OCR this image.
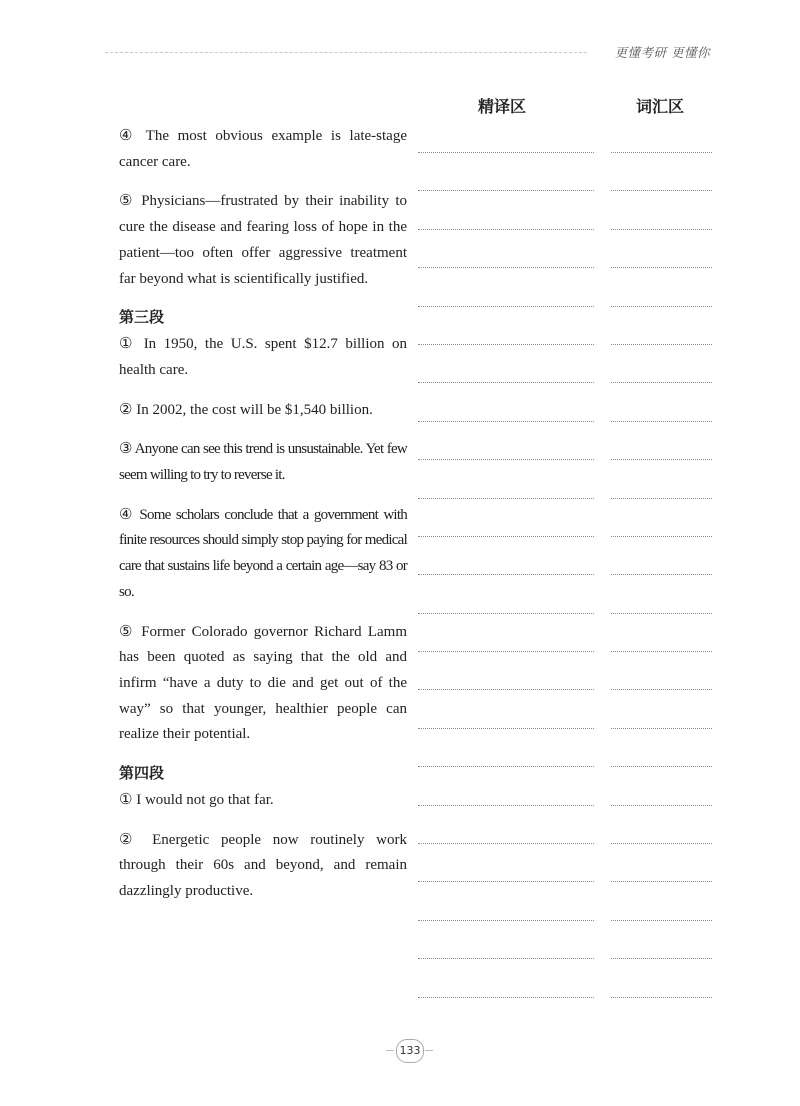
更懂考研 更懂你
精译区	词汇区

④ The most obvious example is late-stage cancer care.

⑤ Physicians—frustrated by their inability to cure the disease and fearing loss of hope in the patient—too often offer aggressive treatment far beyond what is scientifically justified.

第三段

① In 1950, the U.S. spent $12.7 billion on health care.

② In 2002, the cost will be $1,540 billion.

③ Anyone can see this trend is unsustainable. Yet few seem willing to try to reverse it.

④ Some scholars conclude that a government with finite resources should simply stop paying for medical care that sustains life beyond a certain age—say 83 or so.

⑤ Former Colorado governor Richard Lamm has been quoted as saying that the old and infirm “have a duty to die and get out of the way” so that younger, healthier people can realize their potential.

第四段

① I would not go that far.

② Energetic people now routinely work through their 60s and beyond, and remain dazzlingly productive.

133
